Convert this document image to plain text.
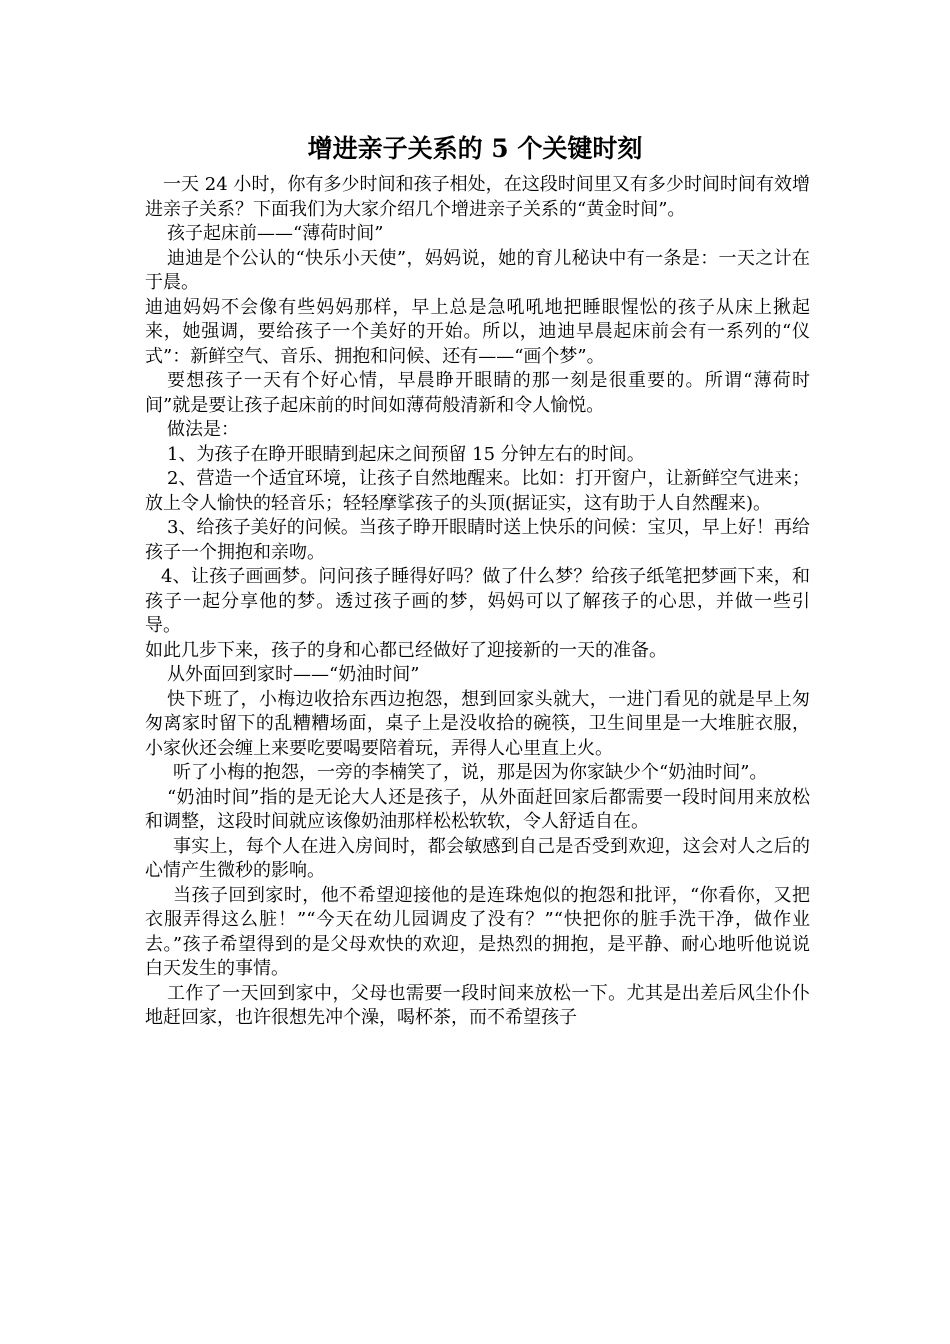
增进亲子关系的 5 个关键时刻

一天 24 小时，你有多少时间和孩子相处，在这段时间里又有多少时间时间有效增进亲子关系？下面我们为大家介绍几个增进亲子关系的“黄金时间”。

孩子起床前——“薄荷时间”

迪迪是个公认的“快乐小天使”，妈妈说，她的育儿秘诀中有一条是：一天之计在于晨。

迪迪妈妈不会像有些妈妈那样，早上总是急吼吼地把睡眼惺忪的孩子从床上揪起来，她强调，要给孩子一个美好的开始。所以，迪迪早晨起床前会有一系列的“仪式”：新鲜空气、音乐、拥抱和问候、还有——“画个梦”。

要想孩子一天有个好心情，早晨睁开眼睛的那一刻是很重要的。所谓“薄荷时间”就是要让孩子起床前的时间如薄荷般清新和令人愉悦。

做法是：

1、为孩子在睁开眼睛到起床之间预留 15 分钟左右的时间。

2、营造一个适宜环境，让孩子自然地醒来。比如：打开窗户，让新鲜空气进来；放上令人愉快的轻音乐；轻轻摩挲孩子的头顶(据证实，这有助于人自然醒来)。

3、给孩子美好的问候。当孩子睁开眼睛时送上快乐的问候：宝贝，早上好！再给孩子一个拥抱和亲吻。

4、让孩子画画梦。问问孩子睡得好吗？做了什么梦？给孩子纸笔把梦画下来，和孩子一起分享他的梦。透过孩子画的梦，妈妈可以了解孩子的心思，并做一些引导。

如此几步下来，孩子的身和心都已经做好了迎接新的一天的准备。

从外面回到家时——“奶油时间”

快下班了，小梅边收拾东西边抱怨，想到回家头就大，一进门看见的就是早上匆匆离家时留下的乱糟糟场面，桌子上是没收拾的碗筷，卫生间里是一大堆脏衣服，小家伙还会缠上来要吃要喝要陪着玩，弄得人心里直上火。

听了小梅的抱怨，一旁的李楠笑了，说，那是因为你家缺少个“奶油时间”。

“奶油时间”指的是无论大人还是孩子，从外面赶回家后都需要一段时间用来放松和调整，这段时间就应该像奶油那样松松软软，令人舒适自在。

事实上，每个人在进入房间时，都会敏感到自己是否受到欢迎，这会对人之后的心情产生微秒的影响。

当孩子回到家时，他不希望迎接他的是连珠炮似的抱怨和批评，“你看你，又把衣服弄得这么脏！”“今天在幼儿园调皮了没有？”“快把你的脏手洗干净，做作业去。”孩子希望得到的是父母欢快的欢迎，是热烈的拥抱，是平静、耐心地听他说说白天发生的事情。

工作了一天回到家中，父母也需要一段时间来放松一下。尤其是出差后风尘仆仆地赶回家，也许很想先冲个澡，喝杯茶，而不希望孩子
